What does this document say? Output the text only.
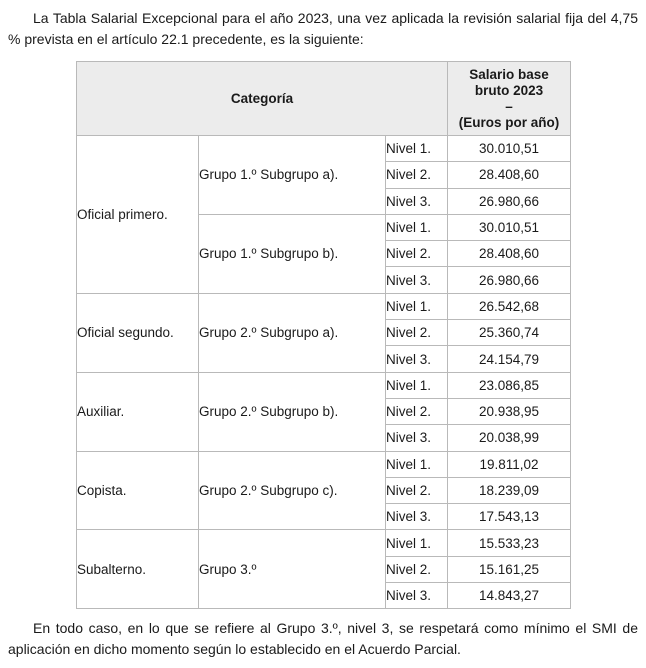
La Tabla Salarial Excepcional para el año 2023, una vez aplicada la revisión salarial fija del 4,75 % prevista en el artículo 22.1 precedente, es la siguiente:

Categoría			Salario base
bruto 2023
–
(Euros por año)

Oficial primero.	Grupo 1.º Subgrupo a).	Nivel 1.	30.010,51
		Nivel 2.	28.408,60
		Nivel 3.	26.980,66
	Grupo 1.º Subgrupo b).	Nivel 1.	30.010,51
		Nivel 2.	28.408,60
		Nivel 3.	26.980,66
Oficial segundo.	Grupo 2.º Subgrupo a).	Nivel 1.	26.542,68
		Nivel 2.	25.360,74
		Nivel 3.	24.154,79
Auxiliar.	Grupo 2.º Subgrupo b).	Nivel 1.	23.086,85
		Nivel 2.	20.938,95
		Nivel 3.	20.038,99
Copista.	Grupo 2.º Subgrupo c).	Nivel 1.	19.811,02
		Nivel 2.	18.239,09
		Nivel 3.	17.543,13
Subalterno.	Grupo 3.º	Nivel 1.	15.533,23
		Nivel 2.	15.161,25
		Nivel 3.	14.843,27

En todo caso, en lo que se refiere al Grupo 3.º, nivel 3, se respetará como mínimo el SMI de aplicación en dicho momento según lo establecido en el Acuerdo Parcial.
